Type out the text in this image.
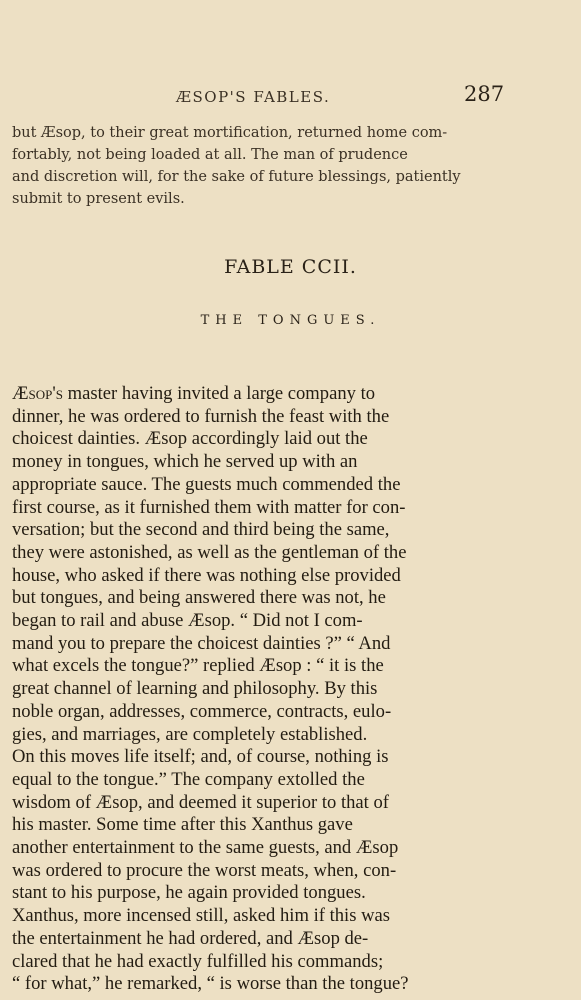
ÆSOP'S FABLES.	287
but Æsop, to their great mortification, returned home com-
fortably, not being loaded at all. The man of prudence
and discretion will, for the sake of future blessings, patiently
submit to present evils.
FABLE CCII.
THE TONGUES.
Æsop's master having invited a large company to
dinner, he was ordered to furnish the feast with the
choicest dainties. Æsop accordingly laid out the
money in tongues, which he served up with an
appropriate sauce. The guests much commended the
first course, as it furnished them with matter for con-
versation; but the second and third being the same,
they were astonished, as well as the gentleman of the
house, who asked if there was nothing else provided
but tongues, and being answered there was not, he
began to rail and abuse Æsop. “ Did not I com-
mand you to prepare the choicest dainties ?” “ And
what excels the tongue?” replied Æsop : “ it is the
great channel of learning and philosophy. By this
noble organ, addresses, commerce, contracts, eulo-
gies, and marriages, are completely established.
On this moves life itself; and, of course, nothing is
equal to the tongue.” The company extolled the
wisdom of Æsop, and deemed it superior to that of
his master. Some time after this Xanthus gave
another entertainment to the same guests, and Æsop
was ordered to procure the worst meats, when, con-
stant to his purpose, he again provided tongues.
Xanthus, more incensed still, asked him if this was
the entertainment he had ordered, and Æsop de-
clared that he had exactly fulfilled his commands;
“ for what,” he remarked, “ is worse than the tongue?
